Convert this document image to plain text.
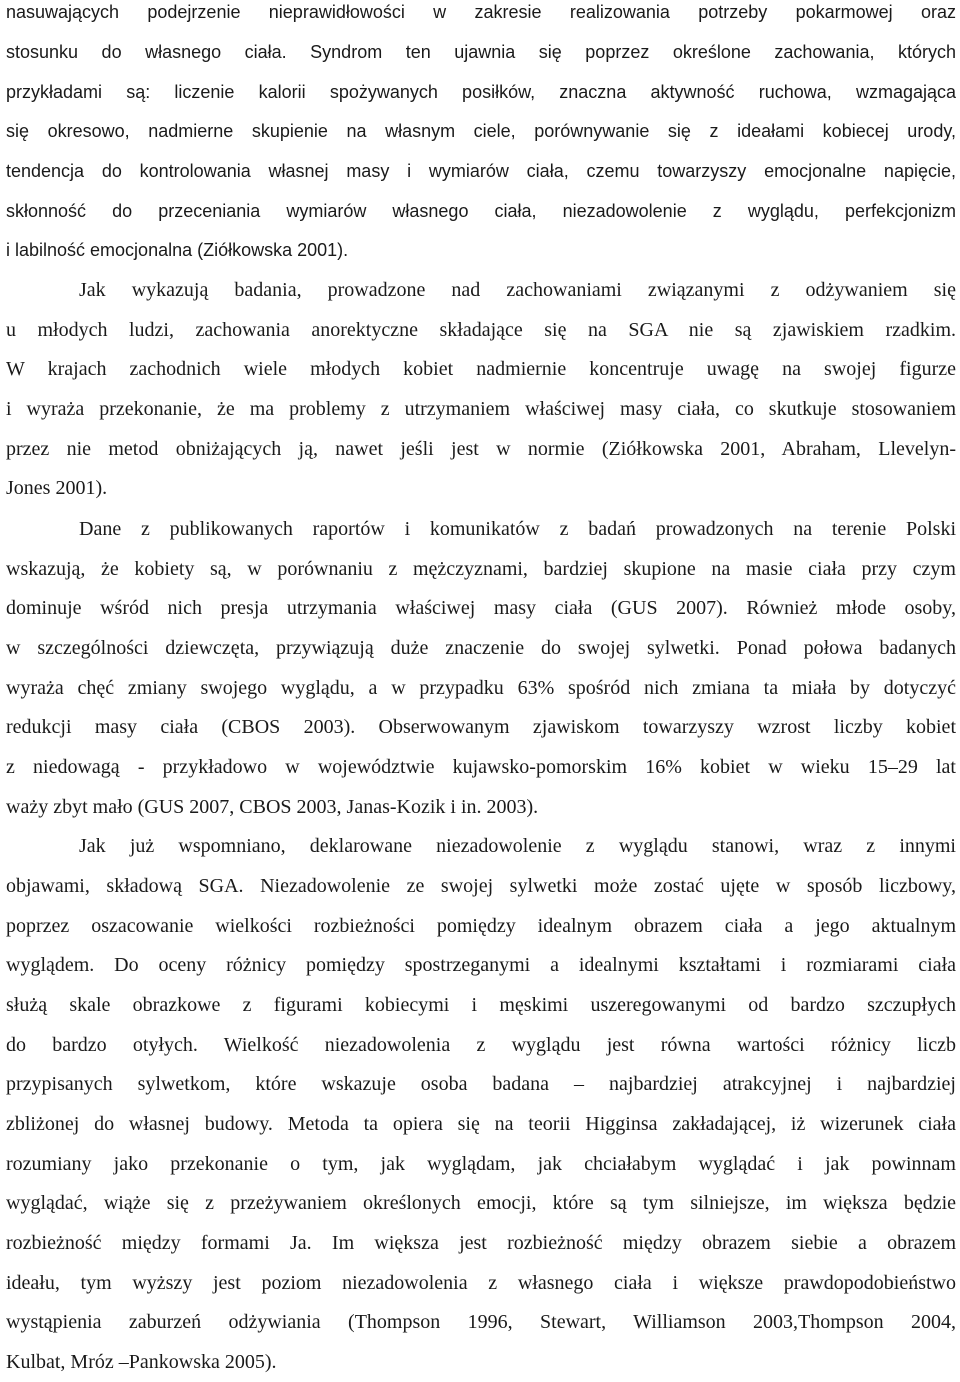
nasuwających podejrzenie nieprawidłowości w zakresie realizowania potrzeby pokarmowej oraz
stosunku do własnego ciała. Syndrom ten ujawnia się poprzez określone zachowania, których
przykładami są: liczenie kalorii spożywanych posiłków, znaczna aktywność ruchowa, wzmagająca
się okresowo, nadmierne skupienie na własnym ciele, porównywanie się z ideałami kobiecej urody,
tendencja do kontrolowania własnej masy i wymiarów ciała, czemu towarzyszy emocjonalne napięcie,
skłonność do przeceniania wymiarów własnego ciała, niezadowolenie z wyglądu, perfekcjonizm
i labilność emocjonalna (Ziółkowska 2001).
Jak wykazują badania, prowadzone nad zachowaniami związanymi z odżywaniem się
u młodych ludzi, zachowania anorektyczne składające się na SGA nie są zjawiskiem rzadkim.
W krajach zachodnich wiele młodych kobiet nadmiernie koncentruje uwagę na swojej figurze
i wyraża przekonanie, że ma problemy z utrzymaniem właściwej masy ciała, co skutkuje stosowaniem
przez nie metod obniżających ją, nawet jeśli jest w normie (Ziółkowska 2001, Abraham, Llevelyn-
Jones 2001).
Dane z publikowanych raportów i komunikatów z badań prowadzonych na terenie Polski
wskazują, że kobiety są, w porównaniu z mężczyznami, bardziej skupione na masie ciała przy czym
dominuje wśród nich presja utrzymania właściwej masy ciała (GUS 2007). Również młode osoby,
w szczególności dziewczęta, przywiązują duże znaczenie do swojej sylwetki. Ponad połowa badanych
wyraża chęć zmiany swojego wyglądu, a w przypadku 63% spośród nich zmiana ta miała by dotyczyć
redukcji masy ciała (CBOS 2003). Obserwowanym zjawiskom towarzyszy wzrost liczby kobiet
z niedowagą - przykładowo w województwie kujawsko-pomorskim 16% kobiet w wieku 15–29 lat
waży zbyt mało (GUS 2007, CBOS 2003, Janas-Kozik i in. 2003).
Jak już wspomniano, deklarowane niezadowolenie z wyglądu stanowi, wraz z innymi
objawami, składową SGA. Niezadowolenie ze swojej sylwetki może zostać ujęte w sposób liczbowy,
poprzez oszacowanie wielkości rozbieżności pomiędzy idealnym obrazem ciała a jego aktualnym
wyglądem. Do oceny różnicy pomiędzy spostrzeganymi a idealnymi kształtami i rozmiarami ciała
służą skale obrazkowe z figurami kobiecymi i męskimi uszeregowanymi od bardzo szczupłych
do bardzo otyłych. Wielkość niezadowolenia z wyglądu jest równa wartości różnicy liczb
przypisanych sylwetkom, które wskazuje osoba badana – najbardziej atrakcyjnej i najbardziej
zbliżonej do własnej budowy. Metoda ta opiera się na teorii Higginsa zakładającej, iż wizerunek ciała
rozumiany jako przekonanie o tym, jak wyglądam, jak chciałabym wyglądać i jak powinnam
wyglądać, wiąże się z przeżywaniem określonych emocji, które są tym silniejsze, im większa będzie
rozbieżność między formami Ja. Im większa jest rozbieżność między obrazem siebie a obrazem
ideału, tym wyższy jest poziom niezadowolenia z własnego ciała i większe prawdopodobieństwo
wystąpienia zaburzeń odżywiania (Thompson 1996, Stewart, Williamson 2003,Thompson 2004,
Kulbat, Mróz –Pankowska 2005).
